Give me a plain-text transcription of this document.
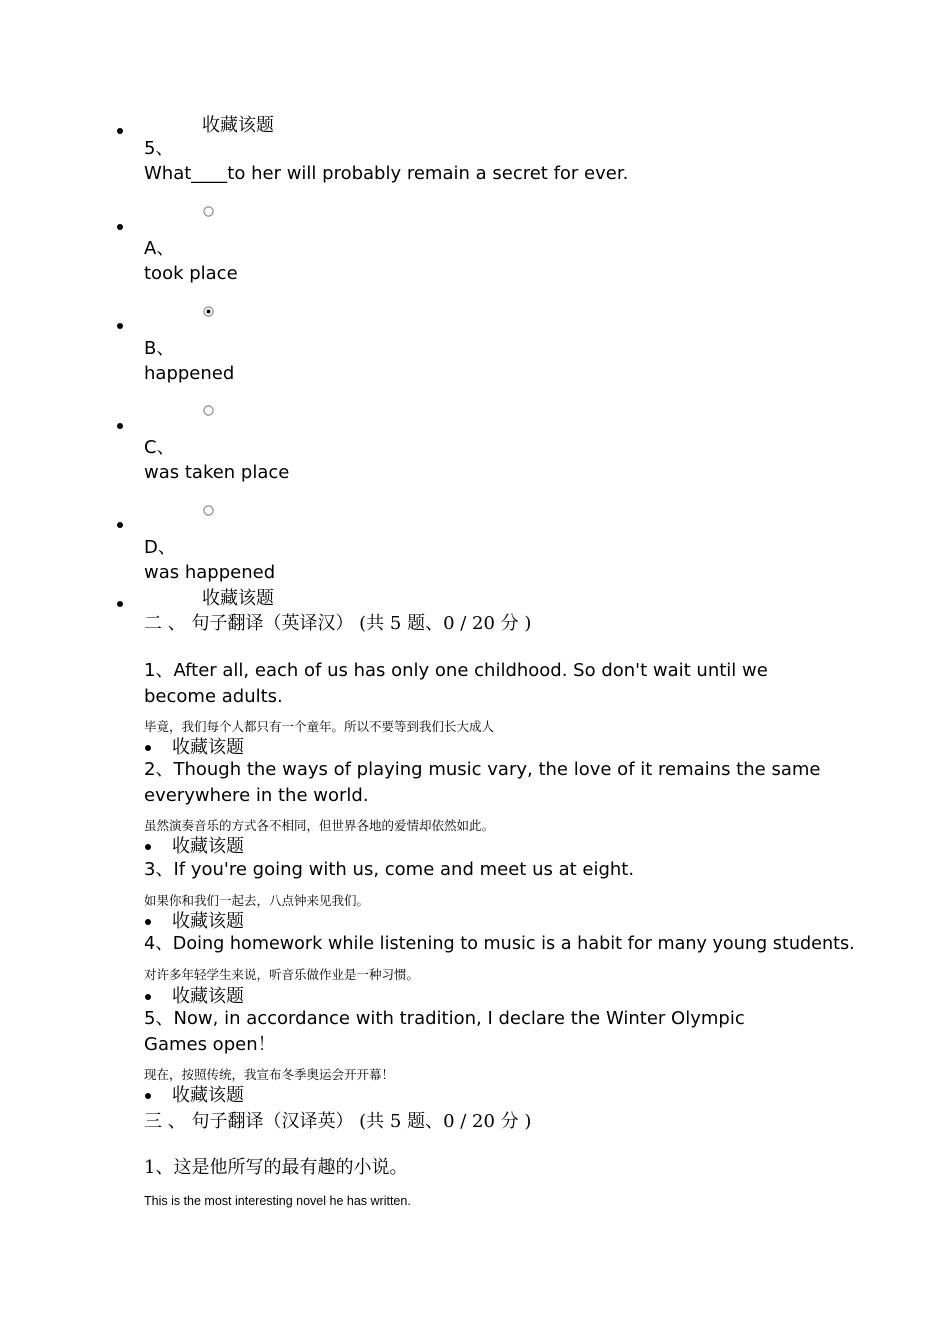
收藏该题
5、
What____to her will probably remain a secret for ever.
A、
took place
B、
happened
C、
was taken place
D、
was happened
收藏该题
二 、 句子翻译（英译汉） (共 5 题、0 / 20 分 )
1、After all, each of us has only one childhood. So don't wait until we become adults.
毕竟，我们每个人都只有一个童年。所以不要等到我们长大成人
收藏该题
2、Though the ways of playing music vary, the love of it remains the same everywhere in the world.
虽然演奏音乐的方式各不相同，但世界各地的爱情却依然如此。
收藏该题
3、If you're going with us, come and meet us at eight.
如果你和我们一起去，八点钟来见我们。
收藏该题
4、Doing homework while listening to music is a habit for many young students.
对许多年轻学生来说，听音乐做作业是一种习惯。
收藏该题
5、Now, in accordance with tradition, I declare the Winter Olympic Games open！
现在，按照传统，我宣布冬季奥运会开开幕！
收藏该题
三 、 句子翻译（汉译英） (共 5 题、0 / 20 分 )
1、这是他所写的最有趣的小说。
This is the most interesting novel he has written.
